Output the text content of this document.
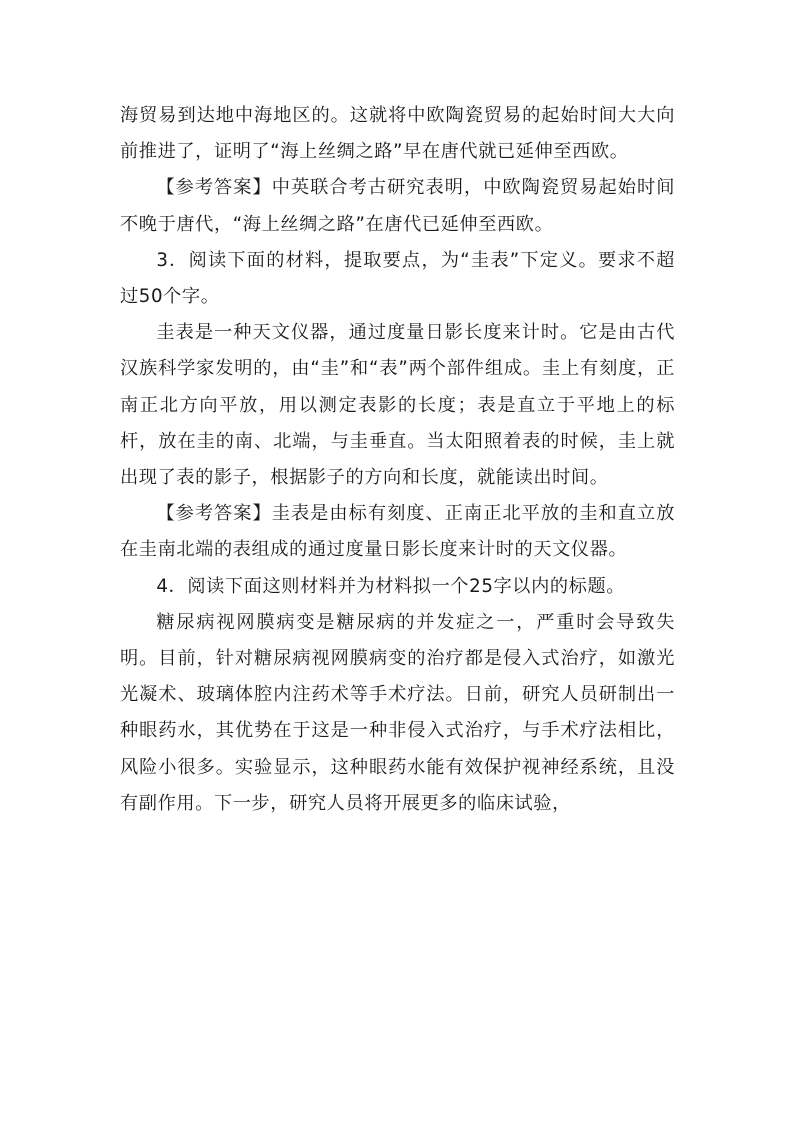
海贸易到达地中海地区的。这就将中欧陶瓷贸易的起始时间大大向前推进了，证明了“海上丝绸之路”早在唐代就已延伸至西欧。

【参考答案】中英联合考古研究表明，中欧陶瓷贸易起始时间不晚于唐代，“海上丝绸之路”在唐代已延伸至西欧。

3．阅读下面的材料，提取要点，为“圭表”下定义。要求不超过50个字。

圭表是一种天文仪器，通过度量日影长度来计时。它是由古代汉族科学家发明的，由“圭”和“表”两个部件组成。圭上有刻度，正南正北方向平放，用以测定表影的长度；表是直立于平地上的标杆，放在圭的南、北端，与圭垂直。当太阳照着表的时候，圭上就出现了表的影子，根据影子的方向和长度，就能读出时间。

【参考答案】圭表是由标有刻度、正南正北平放的圭和直立放在圭南北端的表组成的通过度量日影长度来计时的天文仪器。

4．阅读下面这则材料并为材料拟一个25字以内的标题。

糖尿病视网膜病变是糖尿病的并发症之一，严重时会导致失明。目前，针对糖尿病视网膜病变的治疗都是侵入式治疗，如激光光凝术、玻璃体腔内注药术等手术疗法。日前，研究人员研制出一种眼药水，其优势在于这是一种非侵入式治疗，与手术疗法相比，风险小很多。实验显示，这种眼药水能有效保护视神经系统，且没有副作用。下一步，研究人员将开展更多的临床试验，
